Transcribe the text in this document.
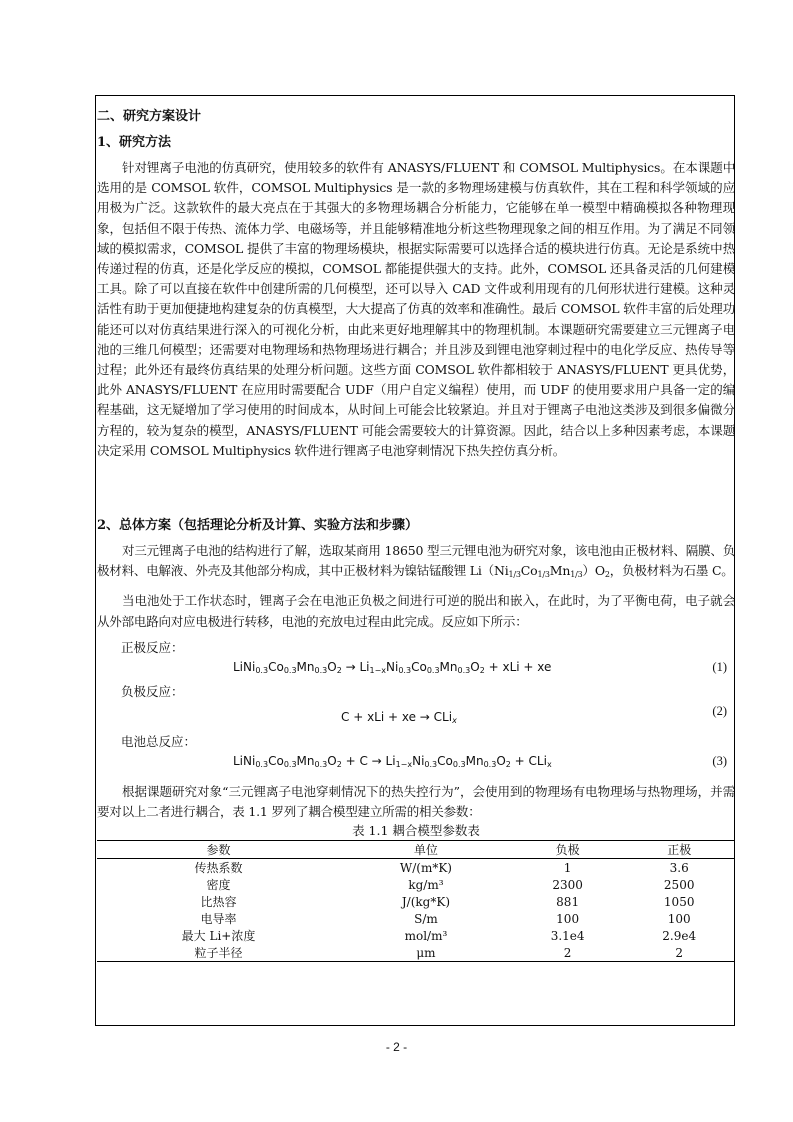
二、研究方案设计

1、研究方法

针对锂离子电池的仿真研究，使用较多的软件有 ANASYS/FLUENT 和 COMSOL Multiphysics。在本课题中选用的是 COMSOL 软件，COMSOL Multiphysics 是一款的多物理场建模与仿真软件，其在工程和科学领域的应用极为广泛。这款软件的最大亮点在于其强大的多物理场耦合分析能力，它能够在单一模型中精确模拟各种物理现象，包括但不限于传热、流体力学、电磁场等，并且能够精准地分析这些物理现象之间的相互作用。为了满足不同领域的模拟需求，COMSOL 提供了丰富的物理场模块，根据实际需要可以选择合适的模块进行仿真。无论是系统中热传递过程的仿真，还是化学反应的模拟，COMSOL 都能提供强大的支持。此外，COMSOL 还具备灵活的几何建模工具。除了可以直接在软件中创建所需的几何模型，还可以导入 CAD 文件或利用现有的几何形状进行建模。这种灵活性有助于更加便捷地构建复杂的仿真模型，大大提高了仿真的效率和准确性。最后 COMSOL 软件丰富的后处理功能还可以对仿真结果进行深入的可视化分析，由此来更好地理解其中的物理机制。本课题研究需要建立三元锂离子电池的三维几何模型；还需要对电物理场和热物理场进行耦合；并且涉及到锂电池穿刺过程中的电化学反应、热传导等过程；此外还有最终仿真结果的处理分析问题。这些方面 COMSOL 软件都相较于 ANASYS/FLUENT 更具优势，此外 ANASYS/FLUENT 在应用时需要配合 UDF（用户自定义编程）使用，而 UDF 的使用要求用户具备一定的编程基础，这无疑增加了学习使用的时间成本，从时间上可能会比较紧迫。并且对于锂离子电池这类涉及到很多偏微分方程的，较为复杂的模型，ANASYS/FLUENT 可能会需要较大的计算资源。因此，结合以上多种因素考虑，本课题决定采用 COMSOL Multiphysics 软件进行锂离子电池穿刺情况下热失控仿真分析。

2、总体方案（包括理论分析及计算、实验方法和步骤）

对三元锂离子电池的结构进行了解，选取某商用 18650 型三元锂电池为研究对象，该电池由正极材料、隔膜、负极材料、电解液、外壳及其他部分构成，其中正极材料为镍钴锰酸锂 $Li(Ni_{1/3}Co_{1/3}Mn_{1/3})O_2$，负极材料为石墨 C。

当电池处于工作状态时，锂离子会在电池正负极之间进行可逆的脱出和嵌入，在此时，为了平衡电荷，电子就会从外部电路向对应电极进行转移，电池的充放电过程由此完成。反应如下所示：

正极反应：

$LiNi_{0.3}Co_{0.3}Mn_{0.3}O_2 \to Li_{1-x}Ni_{0.3}Co_{0.3}Mn_{0.3}O_2$ + xLi + xe	(1)

负极反应：

C + xLi + xe → CLi$_x$
(2)

电池总反应：

$LiNi_{0.3}Co_{0.3}Mn_{0.3}O_2 + C \to Li_{1-x}Ni_{0.3}Co_{0.3}Mn_{0.3}O_2 + CLi_x$	(3)

根据课题研究对象“三元锂离子电池穿刺情况下的热失控行为”，会使用到的物理场有电物理场与热物理场，并需要对以上二者进行耦合，表 1.1 罗列了耦合模型建立所需的相关参数：

表 1.1 耦合模型参数表

参数	单位	负极	正极
传热系数	W/(m*K)	1	3.6
密度	kg/m³	2300	2500
比热容	J/(kg*K)	881	1050
电导率	S/m	100	100
最大 Li+浓度	mol/m³	3.1e4	2.9e4
粒子半径	μm	2	2
- 2 -
